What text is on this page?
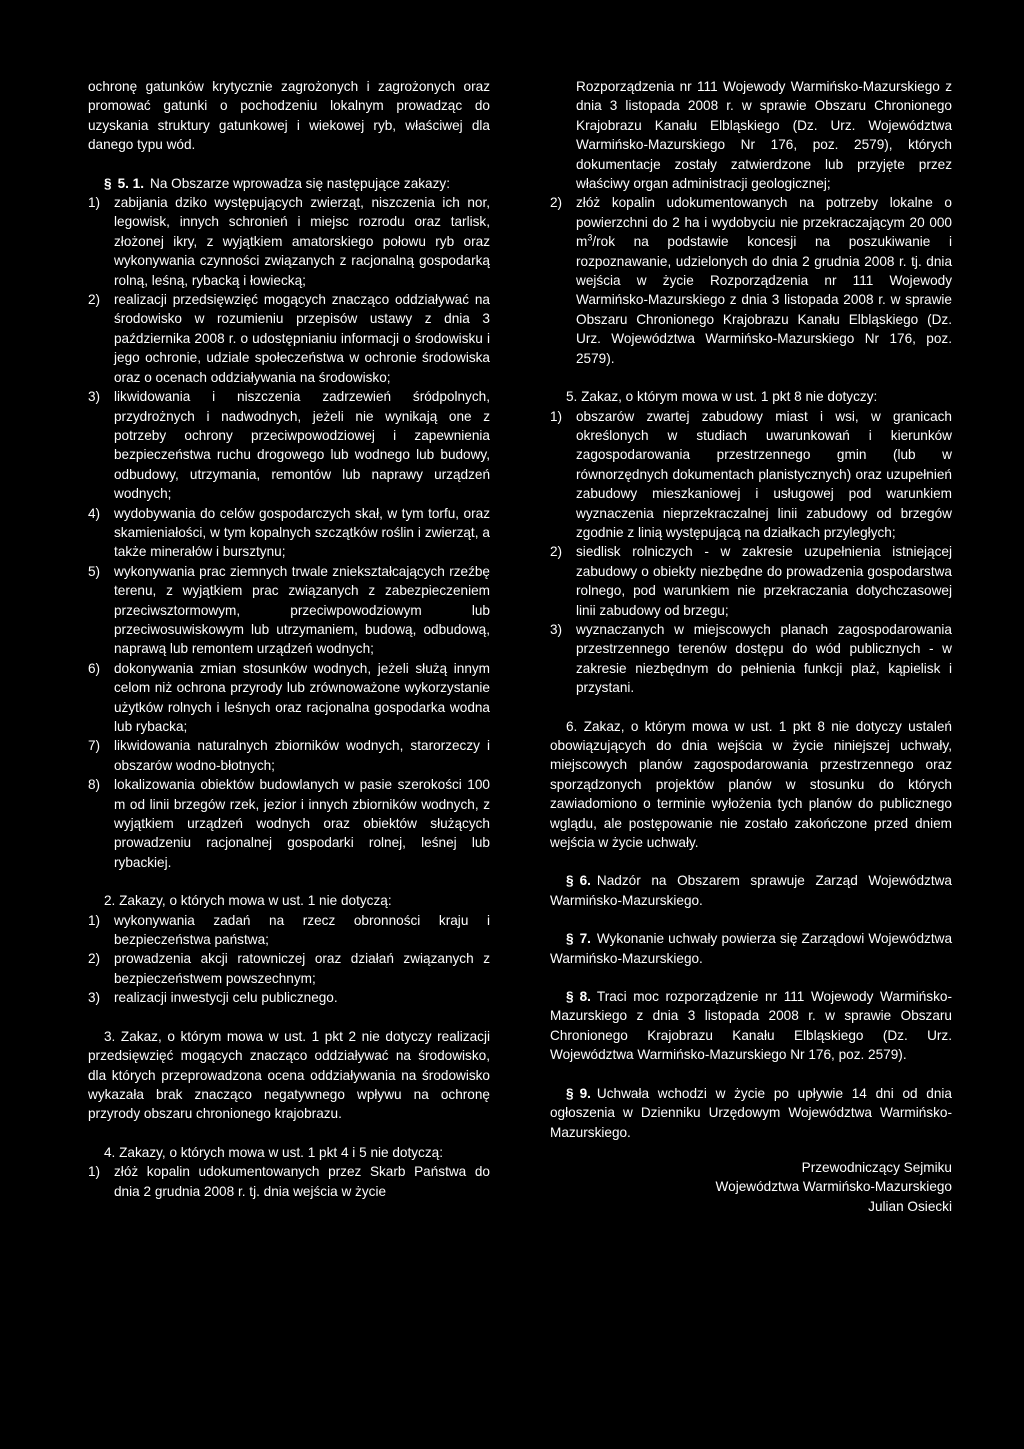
ochronę gatunków krytycznie zagrożonych i zagrożonych oraz promować gatunki o pochodzeniu lokalnym prowadząc do uzyskania struktury gatunkowej i wiekowej ryb, właściwej dla danego typu wód.

§ 5. 1. Na Obszarze wprowadza się następujące zakazy:

1)	zabijania dziko występujących zwierząt, niszczenia ich nor, legowisk, innych schronień i miejsc rozrodu oraz tarlisk, złożonej ikry, z wyjątkiem amatorskiego połowu ryb oraz wykonywania czynności związanych z racjonalną gospodarką rolną, leśną, rybacką i łowiecką;
2)	realizacji przedsięwzięć mogących znacząco oddziaływać na środowisko w rozumieniu przepisów ustawy z dnia 3 października 2008 r. o udostępnianiu informacji o środowisku i jego ochronie, udziale społeczeństwa w ochronie środowiska oraz o ocenach oddziaływania na środowisko;
3)	likwidowania i niszczenia zadrzewień śródpolnych, przydrożnych i nadwodnych, jeżeli nie wynikają one z potrzeby ochrony przeciwpowodziowej i zapewnienia bezpieczeństwa ruchu drogowego lub wodnego lub budowy, odbudowy, utrzymania, remontów lub naprawy urządzeń wodnych;
4)	wydobywania do celów gospodarczych skał, w tym torfu, oraz skamieniałości, w tym kopalnych szczątków roślin i zwierząt, a także minerałów i bursztynu;
5)	wykonywania prac ziemnych trwale zniekształcających rzeźbę terenu, z wyjątkiem prac związanych z zabezpieczeniem przeciwsztormowym, przeciwpowodziowym lub przeciwosuwiskowym lub utrzymaniem, budową, odbudową, naprawą lub remontem urządzeń wodnych;
6)	dokonywania zmian stosunków wodnych, jeżeli służą innym celom niż ochrona przyrody lub zrównoważone wykorzystanie użytków rolnych i leśnych oraz racjonalna gospodarka wodna lub rybacka;
7)	likwidowania naturalnych zbiorników wodnych, starorzeczy i obszarów wodno-błotnych;
8)	lokalizowania obiektów budowlanych w pasie szerokości 100 m od linii brzegów rzek, jezior i innych zbiorników wodnych, z wyjątkiem urządzeń wodnych oraz obiektów służących prowadzeniu racjonalnej gospodarki rolnej, leśnej lub rybackiej.

2. Zakazy, o których mowa w ust. 1 nie dotyczą:

1)	wykonywania zadań na rzecz obronności kraju i bezpieczeństwa państwa;
2)	prowadzenia akcji ratowniczej oraz działań związanych z bezpieczeństwem powszechnym;
3)	realizacji inwestycji celu publicznego.

3. Zakaz, o którym mowa w ust. 1 pkt 2 nie dotyczy realizacji przedsięwzięć mogących znacząco oddziaływać na środowisko, dla których przeprowadzona ocena oddziaływania na środowisko wykazała brak znacząco negatywnego wpływu na ochronę przyrody obszaru chronionego krajobrazu.

4. Zakazy, o których mowa w ust. 1 pkt 4 i 5 nie dotyczą:

1)	złóż kopalin udokumentowanych przez Skarb Państwa do dnia 2 grudnia 2008 r. tj. dnia wejścia w życie
Rozporządzenia nr 111 Wojewody Warmińsko-Mazurskiego z dnia 3 listopada 2008 r. w sprawie Obszaru Chronionego Krajobrazu Kanału Elbląskiego (Dz. Urz. Województwa Warmińsko-Mazurskiego Nr 176, poz. 2579), których dokumentacje zostały zatwierdzone lub przyjęte przez właściwy organ administracji geologicznej;
2)	złóż kopalin udokumentowanych na potrzeby lokalne o powierzchni do 2 ha i wydobyciu nie przekraczającym 20 000 $m^3$/rok na podstawie koncesji na poszukiwanie i rozpoznawanie, udzielonych do dnia 2 grudnia 2008 r. tj. dnia wejścia w życie Rozporządzenia nr 111 Wojewody Warmińsko-Mazurskiego z dnia 3 listopada 2008 r. w sprawie Obszaru Chronionego Krajobrazu Kanału Elbląskiego (Dz. Urz. Województwa Warmińsko-Mazurskiego Nr 176, poz. 2579).

5. Zakaz, o którym mowa w ust. 1 pkt 8 nie dotyczy:

1)	obszarów zwartej zabudowy miast i wsi, w granicach określonych w studiach uwarunkowań i kierunków zagospodarowania przestrzennego gmin (lub w równorzędnych dokumentach planistycznych) oraz uzupełnień zabudowy mieszkaniowej i usługowej pod warunkiem wyznaczenia nieprzekraczalnej linii zabudowy od brzegów zgodnie z linią występującą na działkach przyległych;
2)	siedlisk rolniczych - w zakresie uzupełnienia istniejącej zabudowy o obiekty niezbędne do prowadzenia gospodarstwa rolnego, pod warunkiem nie przekraczania dotychczasowej linii zabudowy od brzegu;
3)	wyznaczanych w miejscowych planach zagospodarowania przestrzennego terenów dostępu do wód publicznych - w zakresie niezbędnym do pełnienia funkcji plaż, kąpielisk i przystani.

6. Zakaz, o którym mowa w ust. 1 pkt 8 nie dotyczy ustaleń obowiązujących do dnia wejścia w życie niniejszej uchwały, miejscowych planów zagospodarowania przestrzennego oraz sporządzonych projektów planów w stosunku do których zawiadomiono o terminie wyłożenia tych planów do publicznego wglądu, ale postępowanie nie zostało zakończone przed dniem wejścia w życie uchwały.

§ 6. Nadzór na Obszarem sprawuje Zarząd Województwa Warmińsko-Mazurskiego.

§ 7. Wykonanie uchwały powierza się Zarządowi Województwa Warmińsko-Mazurskiego.

§ 8. Traci moc rozporządzenie nr 111 Wojewody Warmińsko-Mazurskiego z dnia 3 listopada 2008 r. w sprawie Obszaru Chronionego Krajobrazu Kanału Elbląskiego (Dz. Urz. Województwa Warmińsko-Mazurskiego Nr 176, poz. 2579).

§ 9. Uchwała wchodzi w życie po upływie 14 dni od dnia ogłoszenia w Dzienniku Urzędowym Województwa Warmińsko-Mazurskiego.

Przewodniczący Sejmiku
Województwa Warmińsko-Mazurskiego
Julian Osiecki
